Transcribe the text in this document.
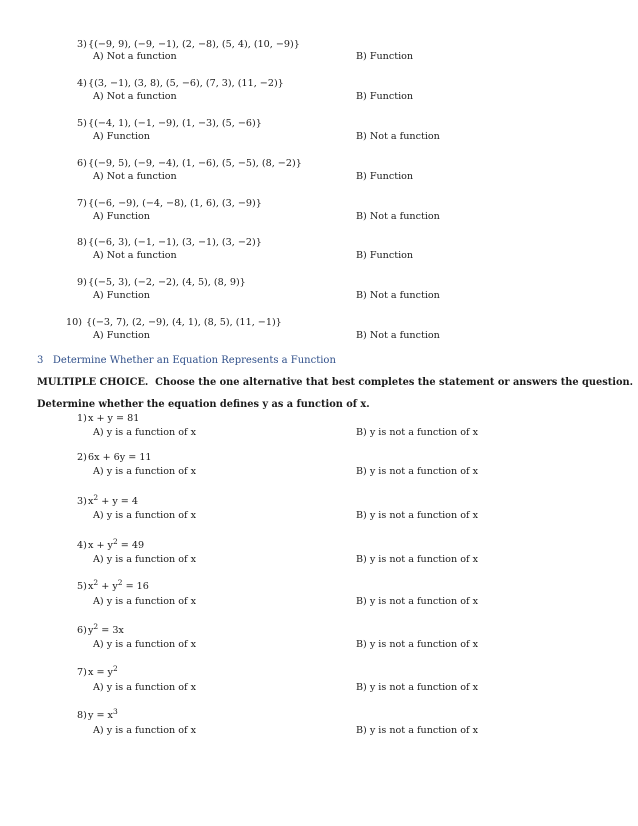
3) {(−9, 9), (−9, −1), (2, −8), (5, 4), (10, −9)}
A) Not a function	B) Function
4) {(3, −1), (3, 8), (5, −6), (7, 3), (11, −2)}
A) Not a function	B) Function
5) {(−4, 1), (−1, −9), (1, −3), (5, −6)}
A) Function	B) Not a function
6) {(−9, 5), (−9, −4), (1, −6), (5, −5), (8, −2)}
A) Not a function	B) Function
7) {(−6, −9), (−4, −8), (1, 6), (3, −9)}
A) Function	B) Not a function
8) {(−6, 3), (−1, −1), (3, −1), (3, −2)}
A) Not a function	B) Function
9) {(−5, 3), (−2, −2), (4, 5), (8, 9)}
A) Function	B) Not a function
10) {(−3, 7), (2, −9), (4, 1), (8, 5), (11, −1)}
A) Function	B) Not a function
3   Determine Whether an Equation Represents a Function
MULTIPLE CHOICE.  Choose the one alternative that best completes the statement or answers the question.
Determine whether the equation defines y as a function of x.
1) x + y = 81
A) y is a function of x	B) y is not a function of x
2) 6x + 6y = 11
A) y is a function of x	B) y is not a function of x
3) $x^2 + y = 4$
A) y is a function of x	B) y is not a function of x
4) $x + y^2 = 49$
A) y is a function of x	B) y is not a function of x
5) $x^2 + y^2 = 16$
A) y is a function of x	B) y is not a function of x
6) $y^2 = 3x$
A) y is a function of x	B) y is not a function of x
7) $x = y^2$
A) y is a function of x	B) y is not a function of x
8) $y = x^3$
A) y is a function of x	B) y is not a function of x
